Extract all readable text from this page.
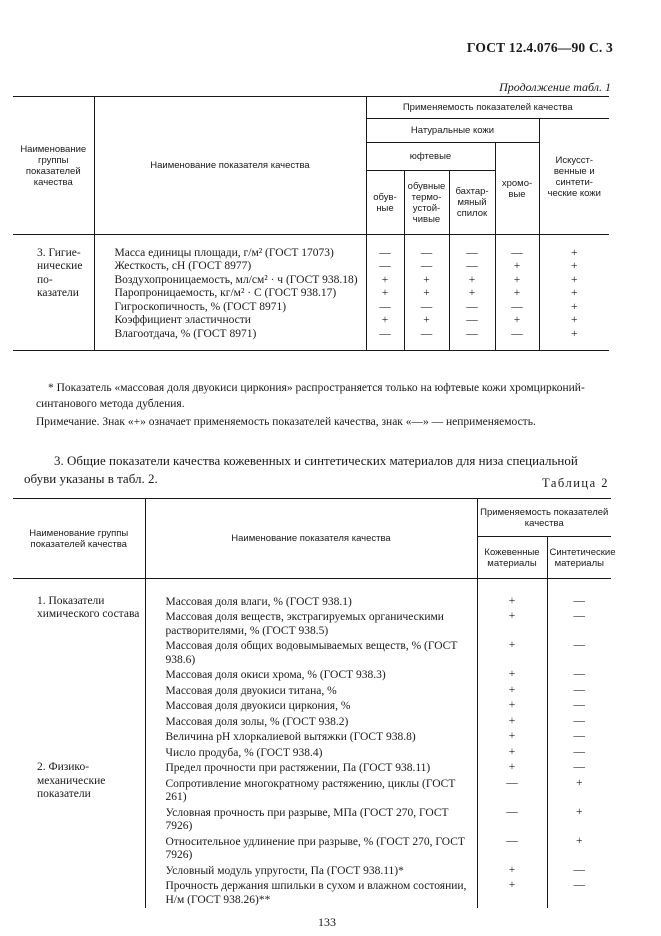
ГОСТ 12.4.076—90 С. 3
Продолжение табл. 1
Наименование группы показателей качества	Наименование показателя качества	Применяемость показателей качества				
		Натуральные кожи				Искусст-венные и синтети-ческие кожи
		юфтевые			хромо-вые	
		обув-ные	обувные термо-устой-чивые	бахтар-мяный спилок		

3. Гигие-нические по-казатели	Масса единицы площади, г/м² (ГОСТ 17073)	—	—	—	—	+
	Жесткость, сН (ГОСТ 8977)	—	—	—	+	+
	Воздухопроницаемость, мл/см² · ч (ГОСТ 938.18)	+	+	+	+	+
	Паропроницаемость, кг/м² · С (ГОСТ 938.17)	+	+	+	+	+
	Гигроскопичность, % (ГОСТ 8971)	—	—	—	—	+
	Коэффициент эластичности	+	+	—	+	+
	Влагоотдача, % (ГОСТ 8971)	—	—	—	—	+

* Показатель «массовая доля двуокиси циркония» распространяется только на юфтевые кожи хромцирконий-синтанового метода дубления.
Примечание. Знак «+» означает применяемость показателей качества, знак «—» — неприменяемость.
3. Общие показатели качества кожевенных и синтетических материалов для низа специальной обуви указаны в табл. 2.	Таблица 2
Наименование группы показателей качества	Наименование показателя качества	Применяемость показателей качества	
		Кожевенные материалы	Синтетические материалы

1. Показатели химического состава	Массовая доля влаги, % (ГОСТ 938.1)	+	—
	Массовая доля веществ, экстрагируемых органическими растворителями, % (ГОСТ 938.5)	+	—
	Массовая доля общих водовымываемых веществ, % (ГОСТ 938.6)	+	—
	Массовая доля окиси хрома, % (ГОСТ 938.3)	+	—
	Массовая доля двуокиси титана, %	+	—
	Массовая доля двуокиси циркония, %	+	—
	Массовая доля золы, % (ГОСТ 938.2)	+	—
	Величина pH хлоркалиевой вытяжки (ГОСТ 938.8)	+	—
	Число продуба, % (ГОСТ 938.4)	+	—
2. Физико-механические показатели	Предел прочности при растяжении, Па (ГОСТ 938.11)	+	—
	Сопротивление многократному растяжению, циклы (ГОСТ 261)	—	+
	Условная прочность при разрыве, МПа (ГОСТ 270, ГОСТ 7926)	—	+
	Относительное удлинение при разрыве, % (ГОСТ 270, ГОСТ 7926)	—	+
	Условный модуль упругости, Па (ГОСТ 938.11)*	+	—
	Прочность держания шпильки в сухом и влажном состоянии, Н/м (ГОСТ 938.26)**	+	—
133
